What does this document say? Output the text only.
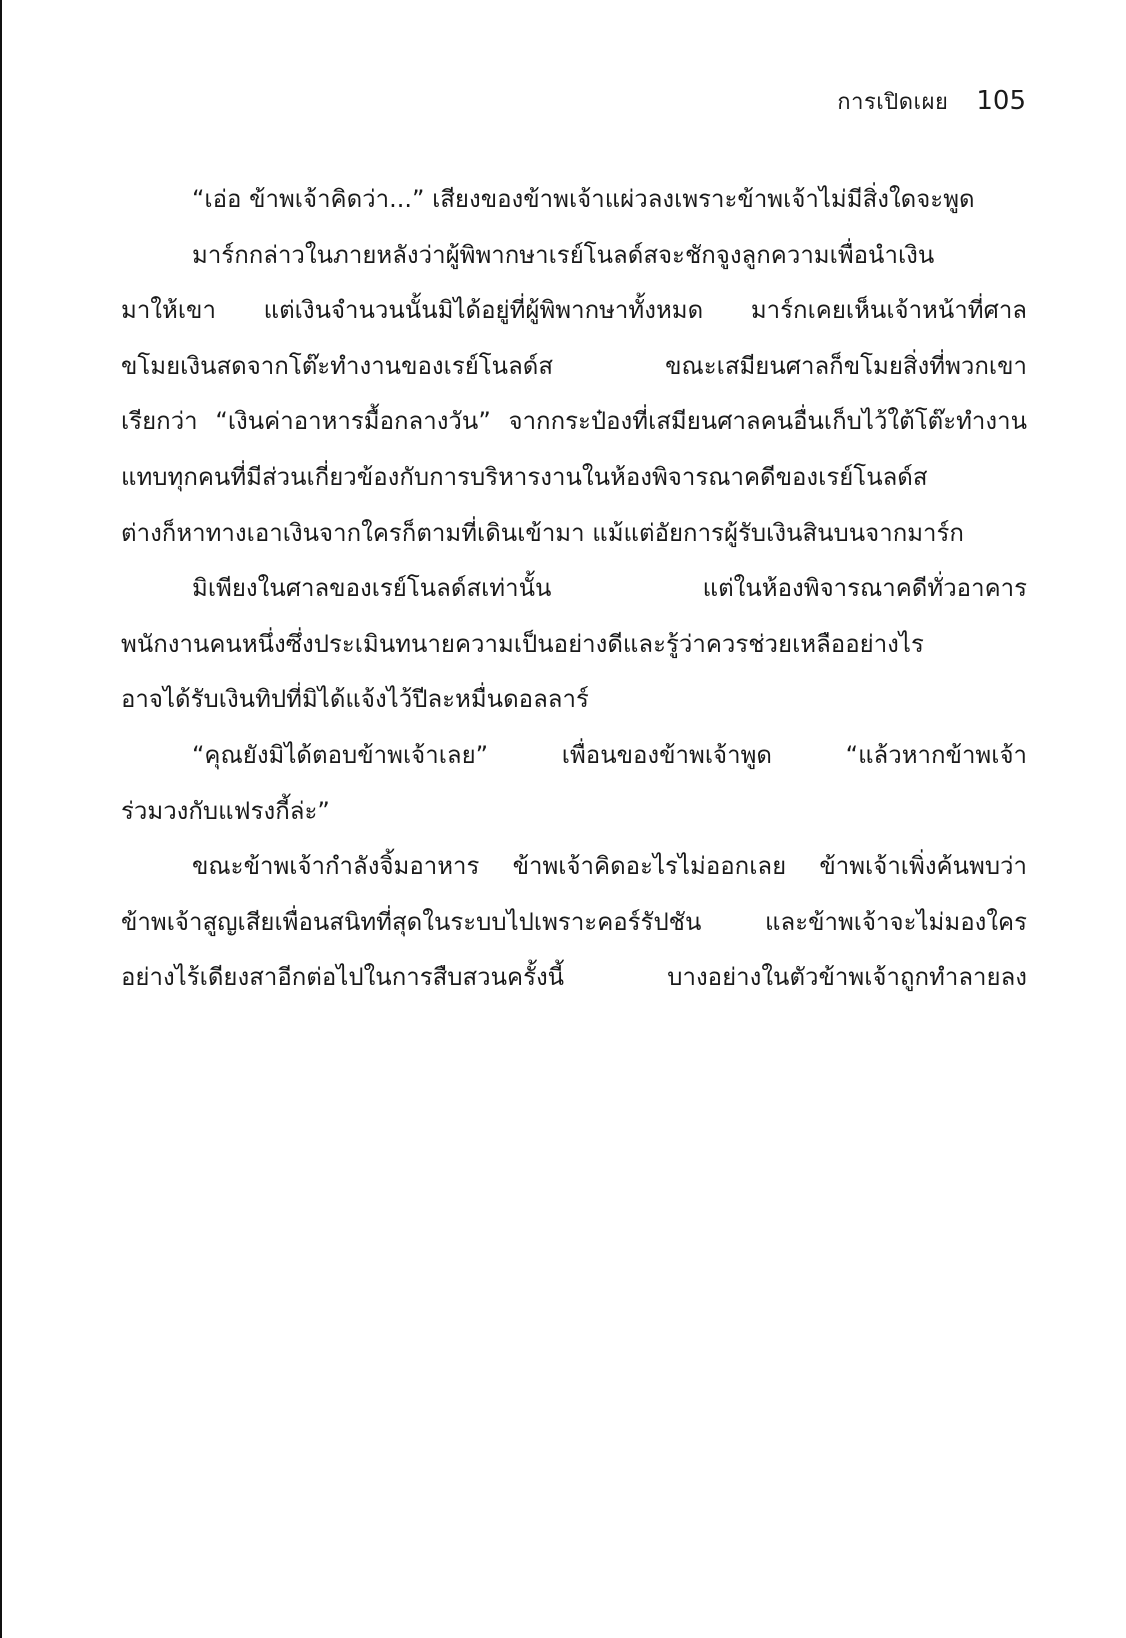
การเปิดเผย 105
“เอ่อ ข้าพเจ้าคิดว่า...” เสียงของข้าพเจ้าแผ่วลงเพราะข้าพเจ้าไม่มีสิ่งใดจะพูด
มาร์กกล่าวในภายหลังว่าผู้พิพากษาเรย์โนลด์สจะชักจูงลูกความเพื่อนำเงิน
มาให้เขา แต่เงินจำนวนนั้นมิได้อยู่ที่ผู้พิพากษาทั้งหมด มาร์กเคยเห็นเจ้าหน้าที่ศาล
ขโมยเงินสดจากโต๊ะทำงานของเรย์โนลด์ส ขณะเสมียนศาลก็ขโมยสิ่งที่พวกเขา
เรียกว่า “เงินค่าอาหารมื้อกลางวัน” จากกระป๋องที่เสมียนศาลคนอื่นเก็บไว้ใต้โต๊ะทำงาน
แทบทุกคนที่มีส่วนเกี่ยวข้องกับการบริหารงานในห้องพิจารณาคดีของเรย์โนลด์ส
ต่างก็หาทางเอาเงินจากใครก็ตามที่เดินเข้ามา แม้แต่อัยการผู้รับเงินสินบนจากมาร์ก
มิเพียงในศาลของเรย์โนลด์สเท่านั้น แต่ในห้องพิจารณาคดีทั่วอาคาร
พนักงานคนหนึ่งซึ่งประเมินทนายความเป็นอย่างดีและรู้ว่าควรช่วยเหลืออย่างไร
อาจได้รับเงินทิปที่มิได้แจ้งไว้ปีละหมื่นดอลลาร์
“คุณยังมิได้ตอบข้าพเจ้าเลย” เพื่อนของข้าพเจ้าพูด “แล้วหากข้าพเจ้า
ร่วมวงกับแฟรงกี้ล่ะ”
ขณะข้าพเจ้ากำลังจิ้มอาหาร ข้าพเจ้าคิดอะไรไม่ออกเลย ข้าพเจ้าเพิ่งค้นพบว่า
ข้าพเจ้าสูญเสียเพื่อนสนิทที่สุดในระบบไปเพราะคอร์รัปชัน และข้าพเจ้าจะไม่มองใคร
อย่างไร้เดียงสาอีกต่อไปในการสืบสวนครั้งนี้ บางอย่างในตัวข้าพเจ้าถูกทำลายลง
